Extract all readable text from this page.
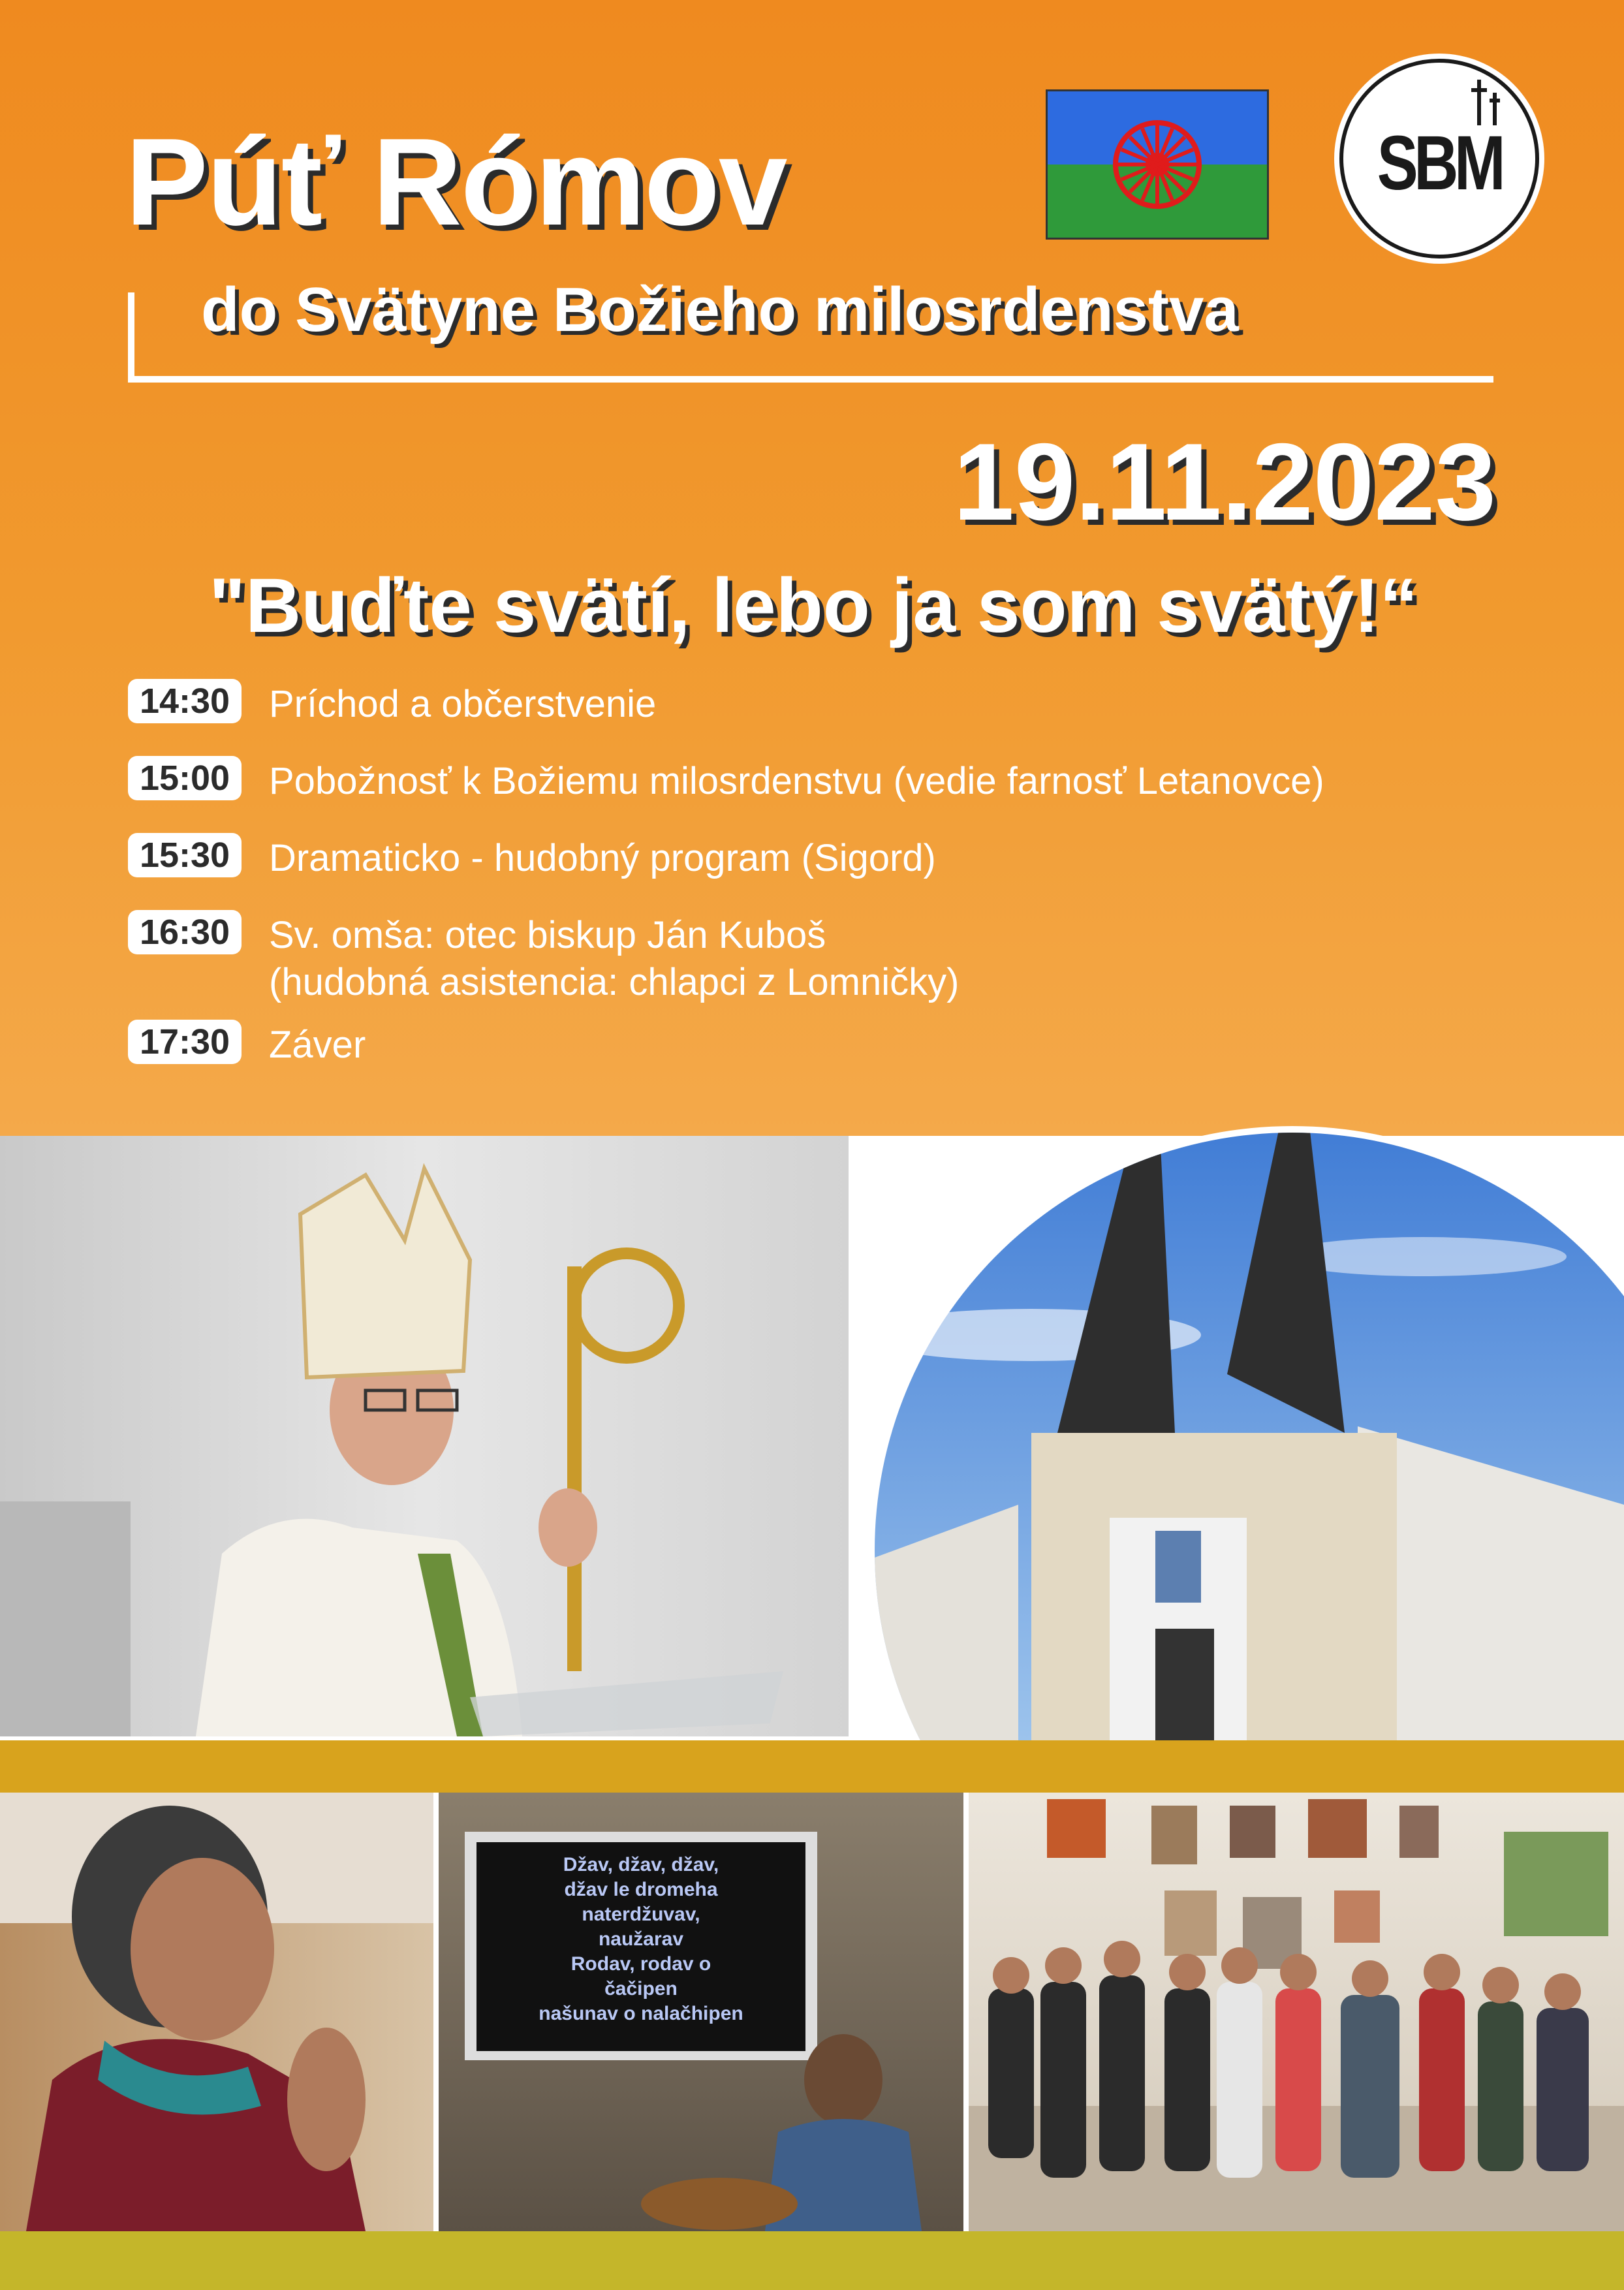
SBM
Púť Rómov
do Svätyne Božieho milosrdenstva
19.11.2023
"Buďte svätí, lebo ja som svätý!“
14:30	Príchod a občerstvenie
15:00	Pobožnosť k Božiemu milosrdenstvu (vedie farnosť Letanovce)
15:30	Dramaticko - hudobný program (Sigord)
16:30	Sv. omša: otec biskup Ján Kuboš
(hudobná asistencia: chlapci z Lomničky)
17:30	Záver
Džav, džav, džav,
džav le dromeha
naterdžuvav,
naužarav
Rodav, rodav o
čačipen
našunav o nalačhipen
